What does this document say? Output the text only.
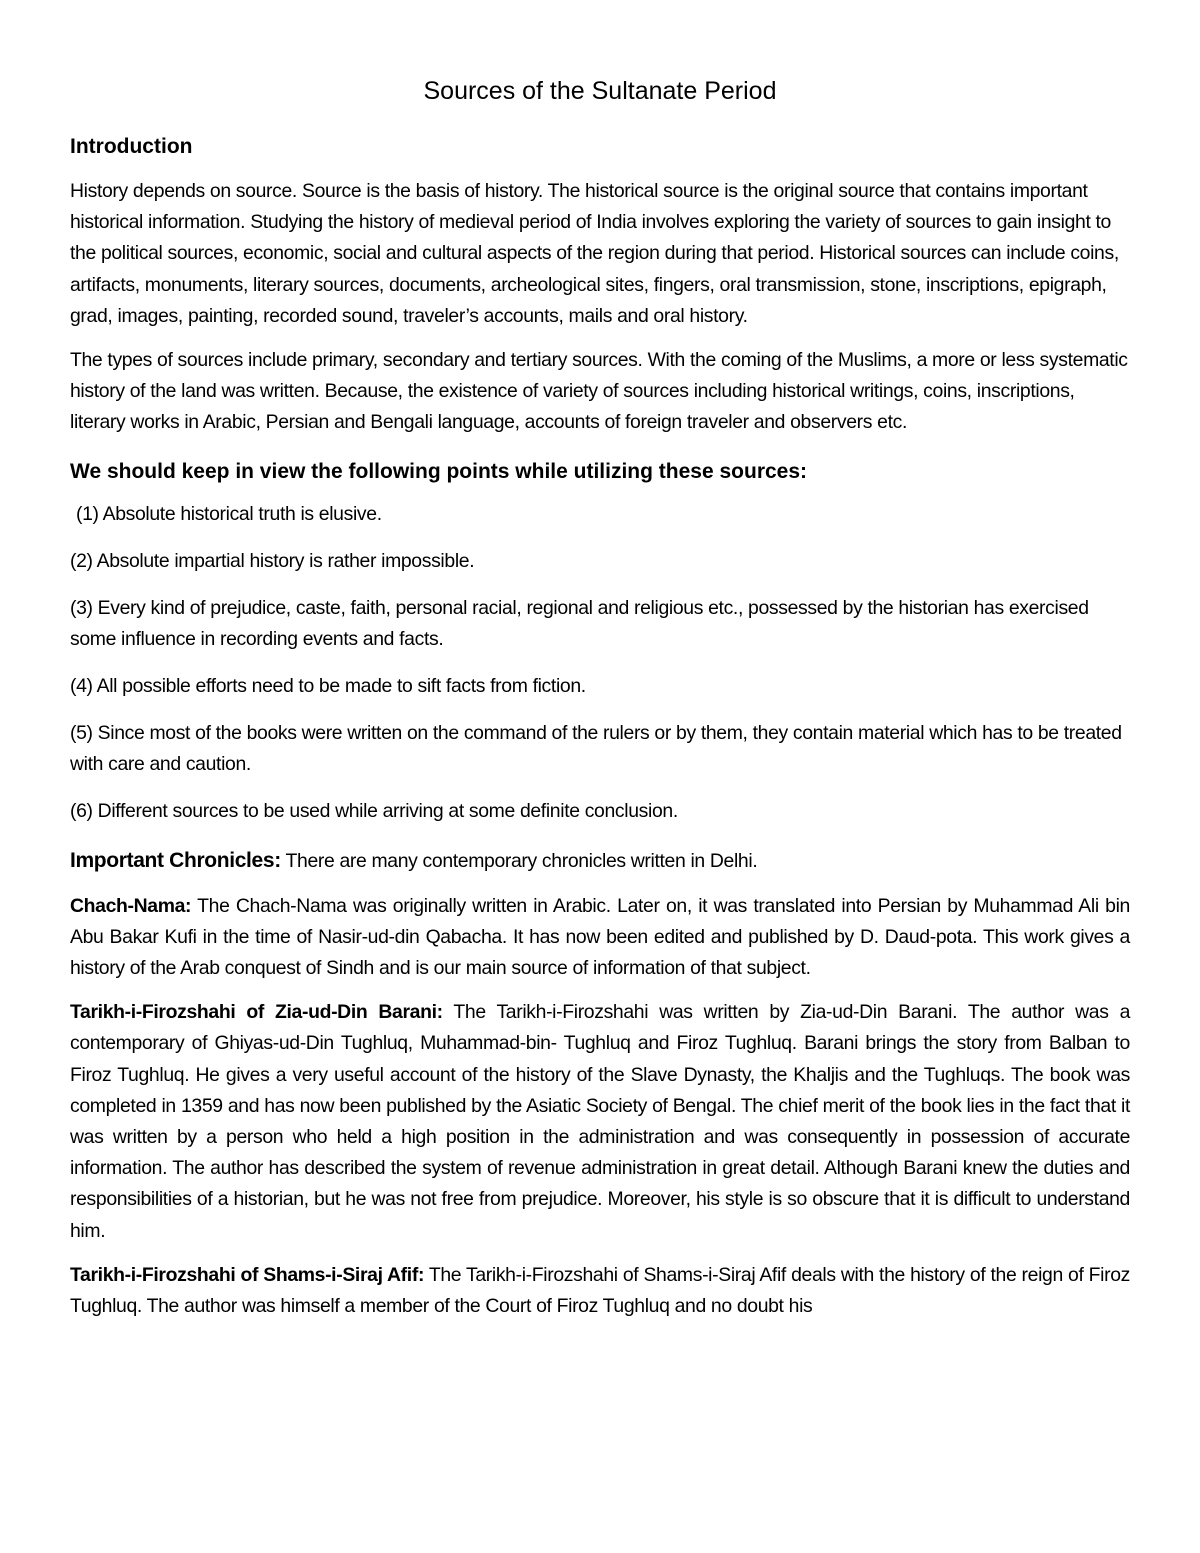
Sources of the Sultanate Period
Introduction

History depends on source. Source is the basis of history. The historical source is the original source that contains important historical information. Studying the history of medieval period of India involves exploring the variety of sources to gain insight to the political sources, economic, social and cultural aspects of the region during that period. Historical sources can include coins, artifacts, monuments, literary sources, documents, archeological sites, fingers, oral transmission, stone, inscriptions, epigraph, grad, images, painting, recorded sound, traveler’s accounts, mails and oral history.

The types of sources include primary, secondary and tertiary sources. With the coming of the Muslims, a more or less systematic history of the land was written. Because, the existence of variety of sources including historical writings, coins, inscriptions, literary works in Arabic, Persian and Bengali language, accounts of foreign traveler and observers etc.

We should keep in view the following points while utilizing these sources:

(1) Absolute historical truth is elusive.

(2) Absolute impartial history is rather impossible.

(3) Every kind of prejudice, caste, faith, personal racial, regional and religious etc., possessed by the historian has exercised some influence in recording events and facts.

(4) All possible efforts need to be made to sift facts from fiction.

(5) Since most of the books were written on the command of the rulers or by them, they contain material which has to be treated with care and caution.

(6) Different sources to be used while arriving at some definite conclusion.

Important Chronicles: There are many contemporary chronicles written in Delhi.

Chach-Nama: The Chach-Nama was originally written in Arabic. Later on, it was translated into Persian by Muhammad Ali bin Abu Bakar Kufi in the time of Nasir-ud-din Qabacha. It has now been edited and published by D. Daud-pota. This work gives a history of the Arab conquest of Sindh and is our main source of information of that subject.

Tarikh-i-Firozshahi of Zia-ud-Din Barani: The Tarikh-i-Firozshahi was written by Zia-ud-Din Barani. The author was a contemporary of Ghiyas-ud-Din Tughluq, Muhammad-bin- Tughluq and Firoz Tughluq. Barani brings the story from Balban to Firoz Tughluq. He gives a very useful account of the history of the Slave Dynasty, the Khaljis and the Tughluqs. The book was completed in 1359 and has now been published by the Asiatic Society of Bengal. The chief merit of the book lies in the fact that it was written by a person who held a high position in the administration and was consequently in possession of accurate information. The author has described the system of revenue administration in great detail. Although Barani knew the duties and responsibilities of a historian, but he was not free from prejudice. Moreover, his style is so obscure that it is difficult to understand him.

Tarikh-i-Firozshahi of Shams-i-Siraj Afif: The Tarikh-i-Firozshahi of Shams-i-Siraj Afif deals with the history of the reign of Firoz Tughluq. The author was himself a member of the Court of Firoz Tughluq and no doubt his
